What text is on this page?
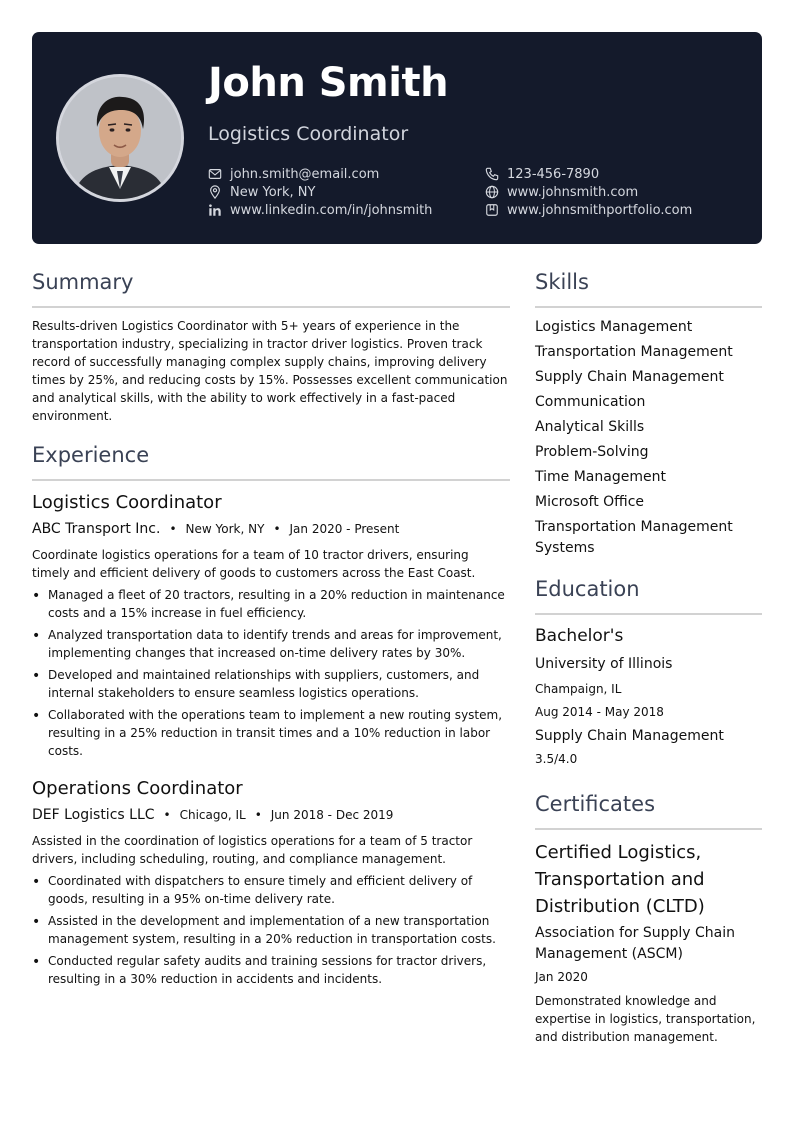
John Smith
Logistics Coordinator
john.smith@email.com
New York, NY
www.linkedin.com/in/johnsmith
123-456-7890
www.johnsmith.com
www.johnsmithportfolio.com
Summary
Results-driven Logistics Coordinator with 5+ years of experience in the transportation industry, specializing in tractor driver logistics. Proven track record of successfully managing complex supply chains, improving delivery times by 25%, and reducing costs by 15%. Possesses excellent communication and analytical skills, with the ability to work effectively in a fast-paced environment.
Experience
Logistics Coordinator
ABC Transport Inc. • New York, NY • Jan 2020 - Present
Coordinate logistics operations for a team of 10 tractor drivers, ensuring timely and efficient delivery of goods to customers across the East Coast.
• Managed a fleet of 20 tractors, resulting in a 20% reduction in maintenance costs and a 15% increase in fuel efficiency.
• Analyzed transportation data to identify trends and areas for improvement, implementing changes that increased on-time delivery rates by 30%.
• Developed and maintained relationships with suppliers, customers, and internal stakeholders to ensure seamless logistics operations.
• Collaborated with the operations team to implement a new routing system, resulting in a 25% reduction in transit times and a 10% reduction in labor costs.
Operations Coordinator
DEF Logistics LLC • Chicago, IL • Jun 2018 - Dec 2019
Assisted in the coordination of logistics operations for a team of 5 tractor drivers, including scheduling, routing, and compliance management.
• Coordinated with dispatchers to ensure timely and efficient delivery of goods, resulting in a 95% on-time delivery rate.
• Assisted in the development and implementation of a new transportation management system, resulting in a 20% reduction in transportation costs.
• Conducted regular safety audits and training sessions for tractor drivers, resulting in a 30% reduction in accidents and incidents.
Skills
Logistics Management
Transportation Management
Supply Chain Management
Communication
Analytical Skills
Problem-Solving
Time Management
Microsoft Office
Transportation Management Systems
Education
Bachelor's
University of Illinois
Champaign, IL
Aug 2014 - May 2018
Supply Chain Management
3.5/4.0
Certificates
Certified Logistics, Transportation and Distribution (CLTD)
Association for Supply Chain Management (ASCM)
Jan 2020
Demonstrated knowledge and expertise in logistics, transportation, and distribution management.
